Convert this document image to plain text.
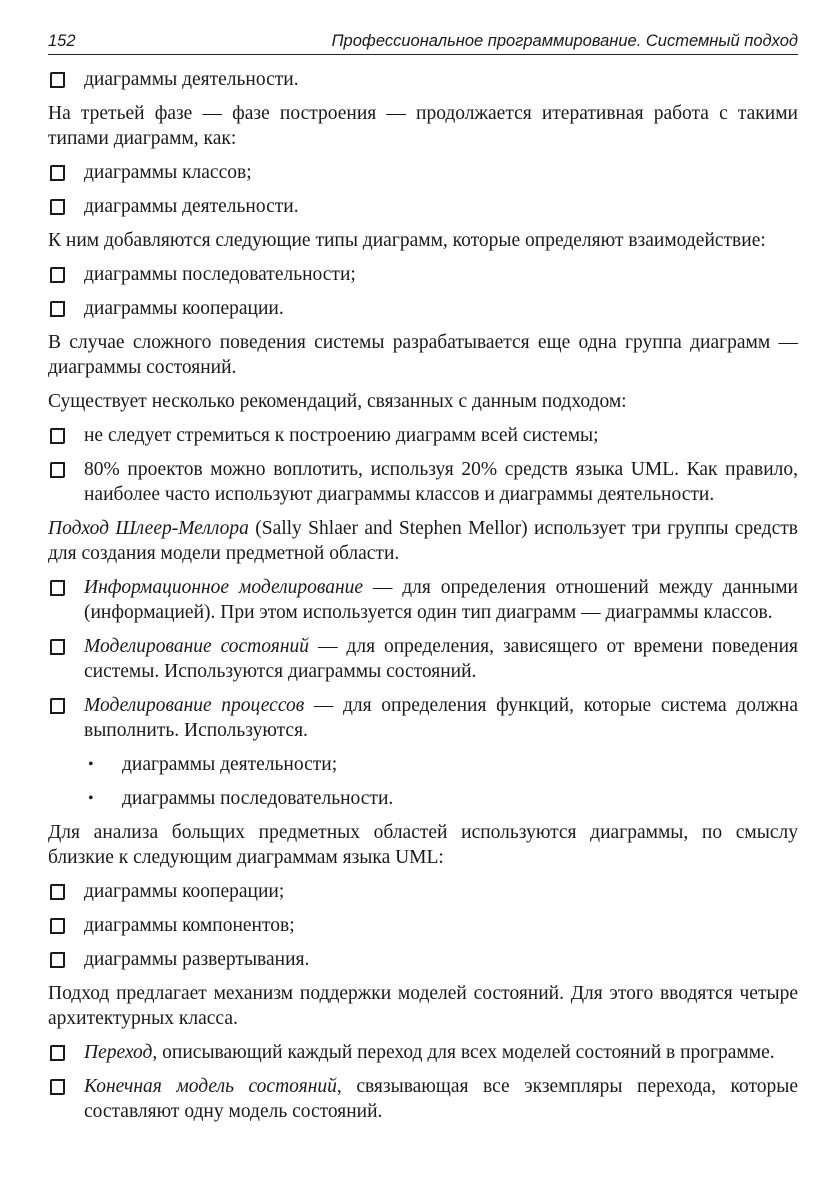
152	Профессиональное программирование. Системный подход
диаграммы деятельности.

На третьей фазе — фазе построения — продолжается итеративная работа с такими типами диаграмм, как:

диаграммы классов;
диаграммы деятельности.

К ним добавляются следующие типы диаграмм, которые определяют взаимодействие:

диаграммы последовательности;
диаграммы кооперации.

В случае сложного поведения системы разрабатывается еще одна группа диаграмм — диаграммы состояний.

Существует несколько рекомендаций, связанных с данным подходом:

не следует стремиться к построению диаграмм всей системы;
80% проектов можно воплотить, используя 20% средств языка UML. Как правило, наиболее часто используют диаграммы классов и диаграммы деятельности.

Подход Шлеер-Меллора (Sally Shlaer and Stephen Mellor) использует три группы средств для создания модели предметной области.

Информационное моделирование — для определения отношений между данными (информацией). При этом используется один тип диаграмм — диаграммы классов.
Моделирование состояний — для определения, зависящего от времени поведения системы. Используются диаграммы состояний.
Моделирование процессов — для определения функций, которые система должна выполнить. Используются.
•	диаграммы деятельности;
•	диаграммы последовательности.

Для анализа больщих предметных областей используются диаграммы, по смыслу близкие к следующим диаграммам языка UML:

диаграммы кооперации;
диаграммы компонентов;
диаграммы развертывания.

Подход предлагает механизм поддержки моделей состояний. Для этого вводятся четыре архитектурных класса.

Переход, описывающий каждый переход для всех моделей состояний в программе.
Конечная модель состояний, связывающая все экземпляры перехода, которые составляют одну модель состояний.
